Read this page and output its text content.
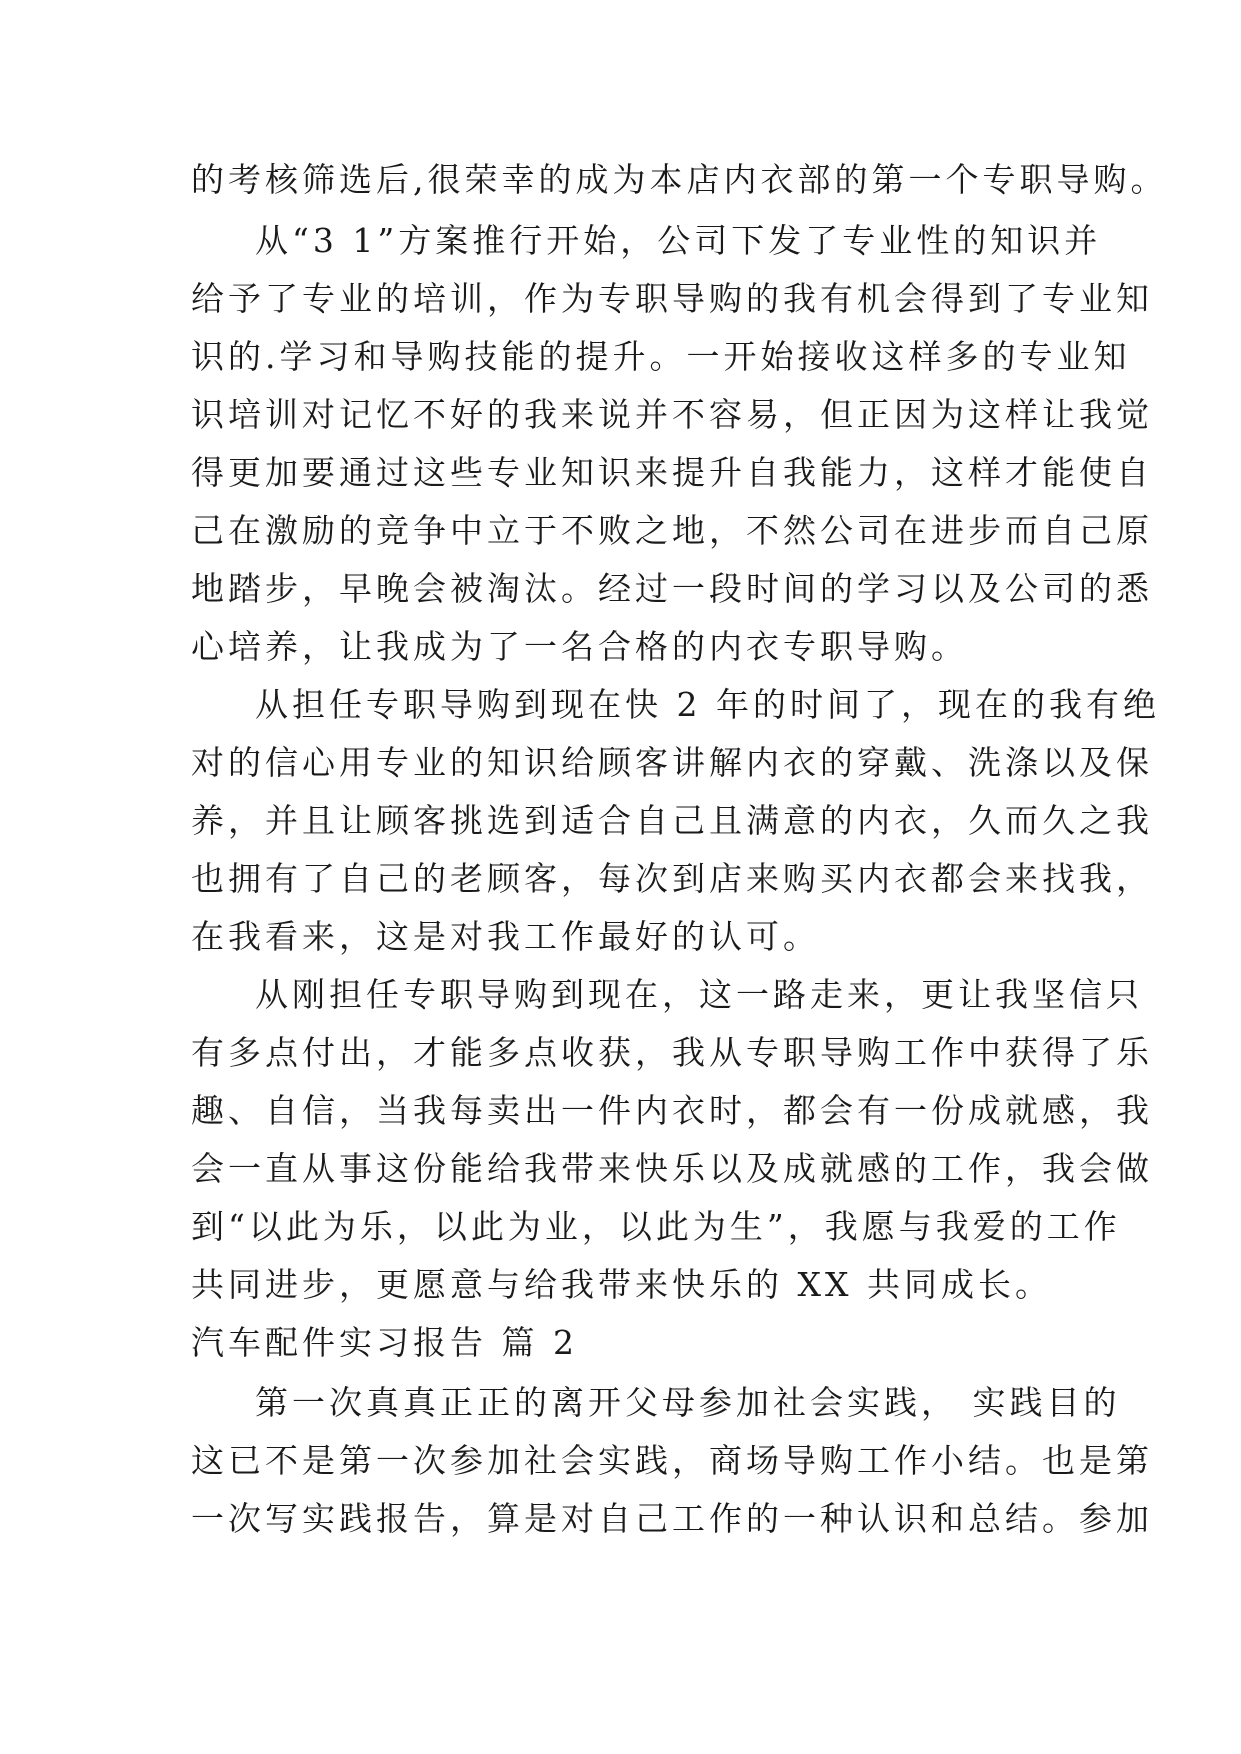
的考核筛选后,很荣幸的成为本店内衣部的第一个专职导购。
从“3 1”方案推行开始，公司下发了专业性的知识并
给予了专业的培训，作为专职导购的我有机会得到了专业知
识的.学习和导购技能的提升。一开始接收这样多的专业知
识培训对记忆不好的我来说并不容易，但正因为这样让我觉
得更加要通过这些专业知识来提升自我能力，这样才能使自
己在激励的竞争中立于不败之地，不然公司在进步而自己原
地踏步，早晚会被淘汰。经过一段时间的学习以及公司的悉
心培养，让我成为了一名合格的内衣专职导购。
从担任专职导购到现在快 2 年的时间了，现在的我有绝
对的信心用专业的知识给顾客讲解内衣的穿戴、洗涤以及保
养，并且让顾客挑选到适合自己且满意的内衣，久而久之我
也拥有了自己的老顾客，每次到店来购买内衣都会来找我，
在我看来，这是对我工作最好的认可。
从刚担任专职导购到现在，这一路走来，更让我坚信只
有多点付出，才能多点收获，我从专职导购工作中获得了乐
趣、自信，当我每卖出一件内衣时，都会有一份成就感，我
会一直从事这份能给我带来快乐以及成就感的工作，我会做
到“以此为乐，以此为业，以此为生”，我愿与我爱的工作
共同进步，更愿意与给我带来快乐的 XX 共同成长。
汽车配件实习报告 篇 2
第一次真真正正的离开父母参加社会实践， 实践目的
这已不是第一次参加社会实践，商场导购工作小结。也是第
一次写实践报告，算是对自己工作的一种认识和总结。参加
